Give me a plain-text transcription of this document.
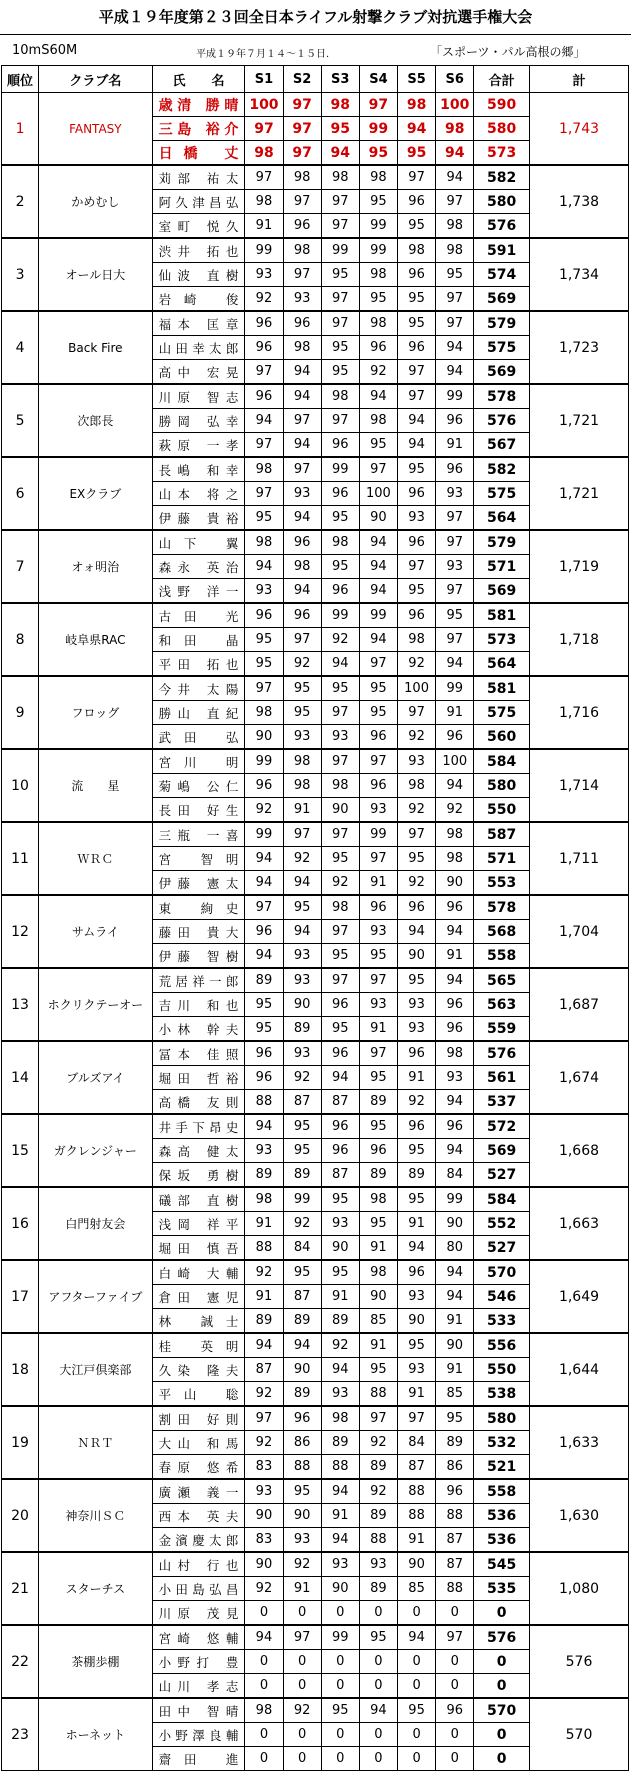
平成１９年度第２３回全日本ライフル射撃クラブ対抗選手権大会
10mS60M	平成１９年７月１４～１５日.	「スポーツ・パル高根の郷」
順位	クラブ名	氏　　名	S1	S2	S3	S4	S5	S6	合計	計
1	FANTASY	歳清 勝晴	100	97	98	97	98	100	590	1,743
		三島 裕介	97	97	95	99	94	98	580	
		日橋 丈	98	97	94	95	95	94	573	
2	かめむし	苅部 祐太	97	98	98	98	97	94	582	1,738
		阿久津昌弘	98	97	97	95	96	97	580	
		室町 悦久	91	96	97	99	95	98	576	
3	オール日大	渋井 拓也	99	98	99	99	98	98	591	1,734
		仙波 直樹	93	97	95	98	96	95	574	
		岩崎 俊	92	93	97	95	95	97	569	
4	Back Fire	福本 匡章	96	96	97	98	95	97	579	1,723
		山田幸太郎	96	98	95	96	96	94	575	
		高中 宏晃	97	94	95	92	97	94	569	
5	次郎長	川原 智志	96	94	98	94	97	99	578	1,721
		勝岡 弘幸	94	97	97	98	94	96	576	
		萩原 一孝	97	94	96	95	94	91	567	
6	EXクラブ	長嶋 和幸	98	97	99	97	95	96	582	1,721
		山本 将之	97	93	96	100	96	93	575	
		伊藤 貴裕	95	94	95	90	93	97	564	
7	オォ明治	山下 翼	98	96	98	94	96	97	579	1,719
		森永 英治	94	98	95	94	97	93	571	
		浅野 洋一	93	94	96	94	95	97	569	
8	岐阜県RAC	古田 光	96	96	99	99	96	95	581	1,718
		和田 晶	95	97	92	94	98	97	573	
		平田 拓也	95	92	94	97	92	94	564	
9	フロッグ	今井 太陽	97	95	95	95	100	99	581	1,716
		勝山 直紀	98	95	97	95	97	91	575	
		武田 弘	90	93	93	96	92	96	560	
10	流　　星	宮川 明	99	98	97	97	93	100	584	1,714
		菊嶋 公仁	96	98	98	96	98	94	580	
		長田 好生	92	91	90	93	92	92	550	
11	ＷＲＣ	三瓶 一喜	99	97	97	99	97	98	587	1,711
		宮 智明	94	92	95	97	95	98	571	
		伊藤 憲太	94	94	92	91	92	90	553	
12	サムライ	東 絢史	97	95	98	96	96	96	578	1,704
		藤田 貴大	96	94	97	93	94	94	568	
		伊藤 智樹	94	93	95	95	90	91	558	
13	ホクリクテーオー	荒居祥一郎	89	93	97	97	95	94	565	1,687
		吉川 和也	95	90	96	93	93	96	563	
		小林 幹夫	95	89	95	91	93	96	559	
14	ブルズアイ	冨本 佳照	96	93	96	97	96	98	576	1,674
		堀田 哲裕	96	92	94	95	91	93	561	
		高橋 友則	88	87	87	89	92	94	537	
15	ガクレンジャー	井手下昂史	94	95	96	95	96	96	572	1,668
		森高 健太	93	95	96	96	95	94	569	
		保坂 勇樹	89	89	87	89	89	84	527	
16	白門射友会	礒部 直樹	98	99	95	98	95	99	584	1,663
		浅岡 祥平	91	92	93	95	91	90	552	
		堀田 慎吾	88	84	90	91	94	80	527	
17	アフターファイブ	白崎 大輔	92	95	95	98	96	94	570	1,649
		倉田 憲児	91	87	91	90	93	94	546	
		林 誠士	89	89	89	85	90	91	533	
18	大江戸倶楽部	桂 英明	94	94	92	91	95	90	556	1,644
		久染 隆夫	87	90	94	95	93	91	550	
		平山 聡	92	89	93	88	91	85	538	
19	ＮＲＴ	割田 好則	97	96	98	97	97	95	580	1,633
		大山 和馬	92	86	89	92	84	89	532	
		春原 悠希	83	88	88	89	87	86	521	
20	神奈川ＳＣ	廣瀬 義一	93	95	94	92	88	96	558	1,630
		西本 英夫	90	90	91	89	88	88	536	
		金濱慶太郎	83	93	94	88	91	87	536	
21	スターチス	山村 行也	90	92	93	93	90	87	545	1,080
		小田島弘昌	92	91	90	89	85	88	535	
		川原 茂見	0	0	0	0	0	0	0	
22	茶棚歩棚	宮崎 悠輔	94	97	99	95	94	97	576	576
		小野打 豊	0	0	0	0	0	0	0	
		山川 孝志	0	0	0	0	0	0	0	
23	ホーネット	田中 智晴	98	92	95	94	95	96	570	570
		小野澤良輔	0	0	0	0	0	0	0	
		齋田 進	0	0	0	0	0	0	0	
